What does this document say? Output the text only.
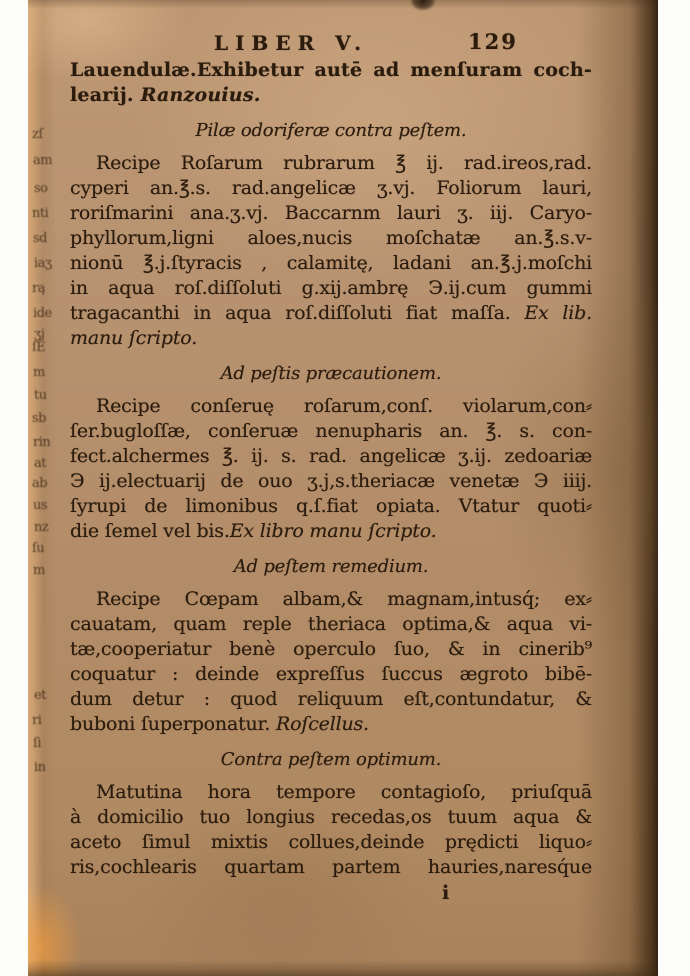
zſ
am
so
nti
sd
iaʒ
rą
ide
ʒj
ſE
m
tu
sb
rin
at
ab
us
nz
ſu
m
et
ri
ſi
in
LIBER V.	129
Lauendulæ.Exhibetur autē ad menſuram coch-
learij. Ranzouius.
Pilæ odoriferæ contra peſtem.
Recipe Roſarum rubrarum ℥ ij. rad.ireos,rad.
cyperi an.℥.s. rad.angelicæ ʒ.vj. Foliorum lauri,
roriſmarini ana.ʒ.vj. Baccarnm lauri ʒ. iij. Caryo-
phyllorum,ligni aloes,nucis moſchatæ an.℥.s.v-
nionū ℥.j.ſtyracis , calamitę, ladani an.℥.j.moſchi
in aqua roſ.diſſoluti g.xij.ambrę Э.ij.cum gummi
tragacanthi in aqua roſ.diſſoluti fiat maſſa. Ex lib.
manu ſcripto.
Ad peſtis præcautionem.
Recipe conſeruę roſarum,conſ. violarum,con⸗
ſer.bugloſſæ, conſeruæ nenupharis an. ℥. s. con-
fect.alchermes ℥. ij. s. rad. angelicæ ʒ.ij. zedoariæ
Э ij.electuarij de ouo ʒ.j,s.theriacæ venetæ Э iiij.
ſyrupi de limonibus q.ſ.fiat opiata. Vtatur quoti⸗
die ſemel vel bis.Ex libro manu ſcripto.
Ad peſtem remedium.
Recipe Cœpam albam,& magnam,intusq́; ex⸗
cauatam, quam reple theriaca optima,& aqua vi-
tæ,cooperiatur benè operculo ſuo, & in cinerib⁹
coquatur : deinde expreſſus ſuccus ægroto bibē-
dum detur : quod reliquum eſt,contundatur, &
buboni ſuperponatur. Roſcellus.
Contra peſtem optimum.
Matutina hora tempore contagioſo, priuſquā
à domicilio tuo longius recedas,os tuum aqua &
aceto ſimul mixtis collues,deinde prędicti liquo⸗
ris,cochlearis quartam partem hauries,naresq́ue
i
